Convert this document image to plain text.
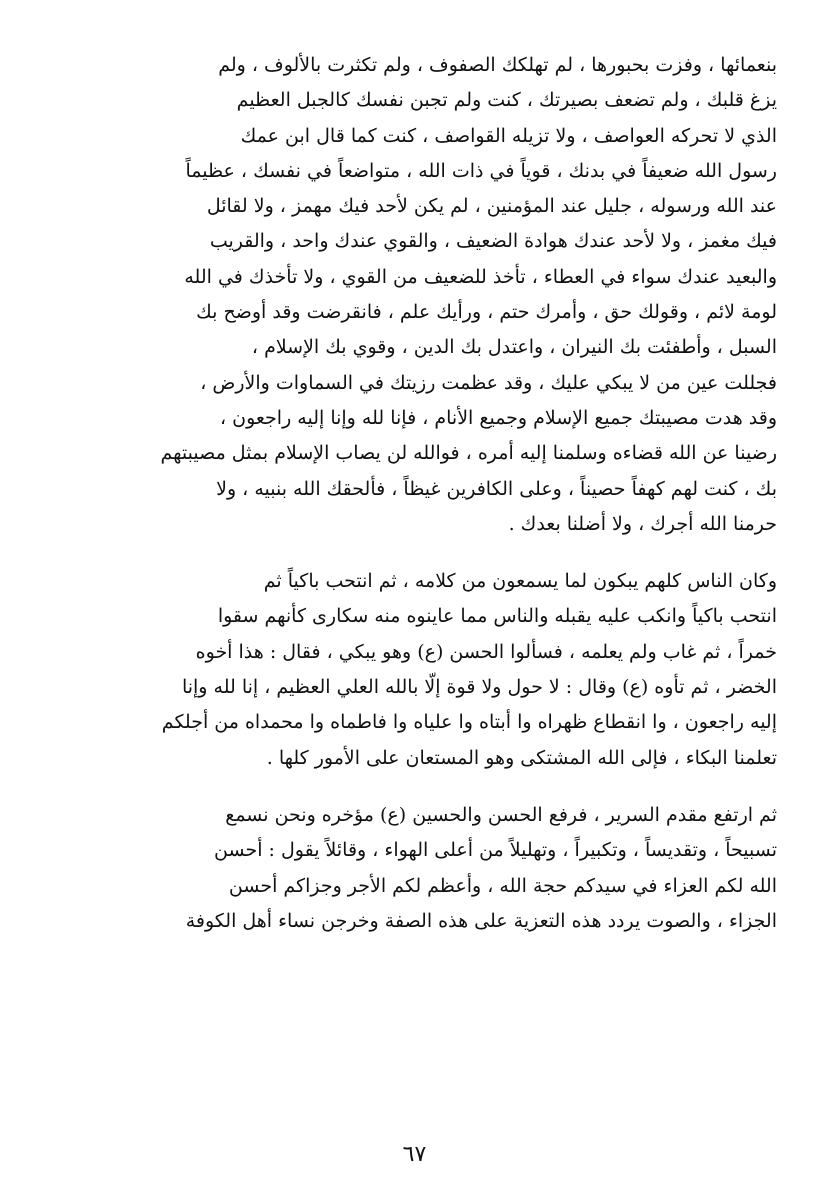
بنعمائها ، وفزت بحبورها ، لم تهلكك الصفوف ، ولم تكثرت بالألوف ، ولم
يزغ قلبك ، ولم تضعف بصيرتك ، كنت ولم تجبن نفسك كالجبل العظيم
الذي لا تحركه العواصف ، ولا تزيله القواصف ، كنت كما قال ابن عمك
رسول الله ضعيفاً في بدنك ، قوياً في ذات الله ، متواضعاً في نفسك ، عظيماً
عند الله ورسوله ، جليل عند المؤمنين ، لم يكن لأحد فيك مهمز ، ولا لقائل
فيك مغمز ، ولا لأحد عندك هوادة الضعيف ، والقوي عندك واحد ، والقريب
والبعيد عندك سواء في العطاء ، تأخذ للضعيف من القوي ، ولا تأخذك في الله
لومة لائم ، وقولك حق ، وأمرك حتم ، ورأيك علم ، فانقرضت وقد أوضح بك
السبل ، وأطفئت بك النيران ، واعتدل بك الدين ، وقوي بك الإسلام ،
فجللت عين من لا يبكي عليك ، وقد عظمت رزيتك في السماوات والأرض ،
وقد هدت مصيبتك جميع الإسلام وجميع الأنام ، فإنا لله وإنا إليه راجعون ،
رضينا عن الله قضاءه وسلمنا إليه أمره ، فوالله لن يصاب الإسلام بمثل مصيبتهم
بك ، كنت لهم كهفاً حصيناً ، وعلى الكافرين غيظاً ، فألحقك الله بنبيه ، ولا
حرمنا الله أجرك ، ولا أضلنا بعدك .
وكان الناس كلهم يبكون لما يسمعون من كلامه ، ثم انتحب باكياً ثم
انتحب باكياً وانكب عليه يقبله والناس مما عاينوه منه سكارى كأنهم سقوا
خمراً ، ثم غاب ولم يعلمه ، فسألوا الحسن (ع) وهو يبكي ، فقال : هذا أخوه
الخضر ، ثم تأوه (ع) وقال : لا حول ولا قوة إلّا بالله العلي العظيم ، إنا لله وإنا
إليه راجعون ، وا انقطاع ظهراه وا أبتاه وا علياه وا فاطماه وا محمداه من أجلكم
تعلمنا البكاء ، فإلى الله المشتكى وهو المستعان على الأمور كلها .
ثم ارتفع مقدم السرير ، فرفع الحسن والحسين (ع) مؤخره ونحن نسمع
تسبيحاً ، وتقديساً ، وتكبيراً ، وتهليلاً من أعلى الهواء ، وقائلاً يقول : أحسن
الله لكم العزاء في سيدكم حجة الله ، وأعظم لكم الأجر وجزاكم أحسن
الجزاء ، والصوت يردد هذه التعزية على هذه الصفة وخرجن نساء أهل الكوفة
٦٧
